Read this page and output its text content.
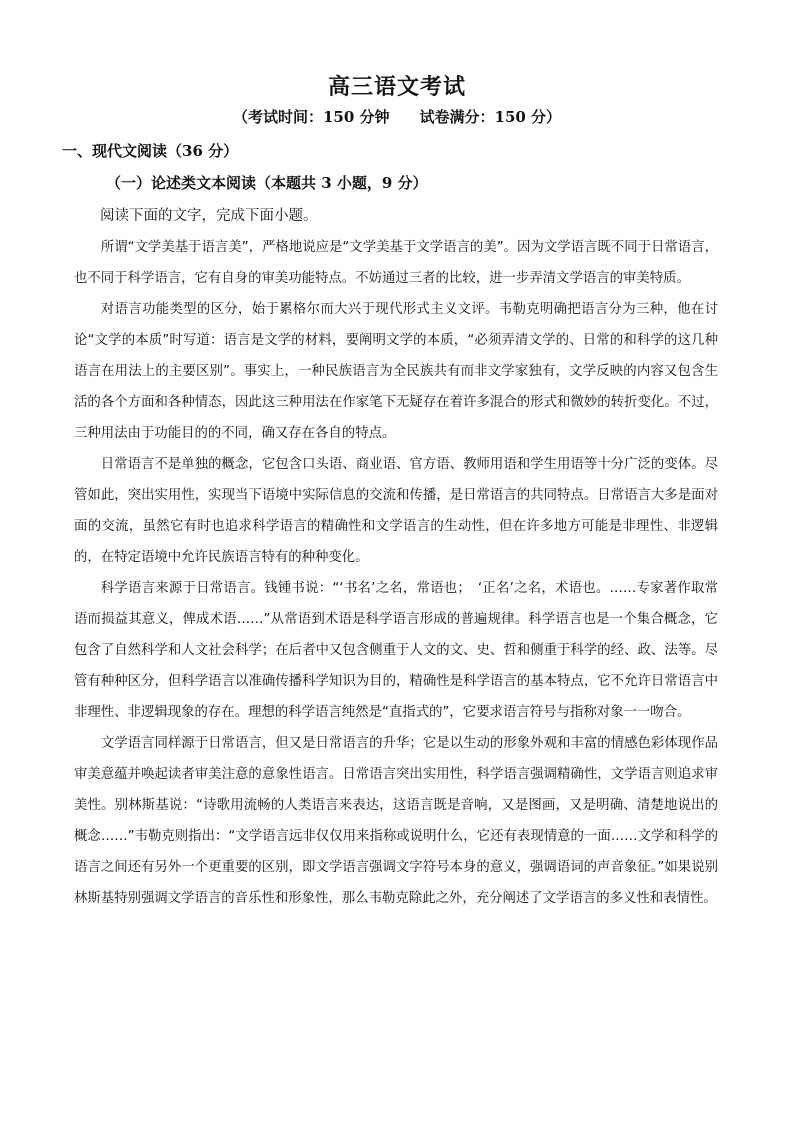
高三语文考试
（考试时间：150 分钟 试卷满分：150 分）
一、现代文阅读（36 分）
（一）论述类文本阅读（本题共 3 小题，9 分）
阅读下面的文字，完成下面小题。

所谓“文学美基于语言美”，严格地说应是“文学美基于文学语言的美”。因为文学语言既不同于日常语言，也不同于科学语言，它有自身的审美功能特点。不妨通过三者的比较，进一步弄清文学语言的审美特质。

对语言功能类型的区分，始于累格尔而大兴于现代形式主义文评。韦勒克明确把语言分为三种，他在讨论“文学的本质”时写道：语言是文学的材料，要阐明文学的本质，“必须弄清文学的、日常的和科学的这几种语言在用法上的主要区别”。事实上，一种民族语言为全民族共有而非文学家独有，文学反映的内容又包含生活的各个方面和各种情态，因此这三种用法在作家笔下无疑存在着许多混合的形式和微妙的转折变化。不过，三种用法由于功能目的的不同，确又存在各自的特点。

日常语言不是单独的概念，它包含口头语、商业语、官方语、教师用语和学生用语等十分广泛的变体。尽管如此，突出实用性，实现当下语境中实际信息的交流和传播，是日常语言的共同特点。日常语言大多是面对面的交流，虽然它有时也追求科学语言的精确性和文学语言的生动性，但在许多地方可能是非理性、非逻辑的，在特定语境中允许民族语言特有的种种变化。

科学语言来源于日常语言。钱锺书说：“‘书名’之名，常语也；　‘正名’之名，术语也。……专家著作取常语而损益其意义，俾成术语……”从常语到术语是科学语言形成的普遍规律。科学语言也是一个集合概念，它包含了自然科学和人文社会科学；在后者中又包含侧重于人文的文、史、哲和侧重于科学的经、政、法等。尽管有种种区分，但科学语言以准确传播科学知识为目的，精确性是科学语言的基本特点，它不允许日常语言中非理性、非逻辑现象的存在。理想的科学语言纯然是“直指式的”，它要求语言符号与指称对象一一吻合。

文学语言同样源于日常语言，但又是日常语言的升华；它是以生动的形象外观和丰富的情感色彩体现作品审美意蕴并唤起读者审美注意的意象性语言。日常语言突出实用性，科学语言强调精确性，文学语言则追求审美性。别林斯基说：“诗歌用流畅的人类语言来表达，这语言既是音响，又是图画，又是明确、清楚地说出的概念……”韦勒克则指出：“文学语言远非仅仅用来指称或说明什么，它还有表现情意的一面……文学和科学的语言之间还有另外一个更重要的区别，即文学语言强调文字符号本身的意义，强调语词的声音象征。”如果说别林斯基特别强调文学语言的音乐性和形象性，那么韦勒克除此之外，充分阐述了文学语言的多义性和表情性。
